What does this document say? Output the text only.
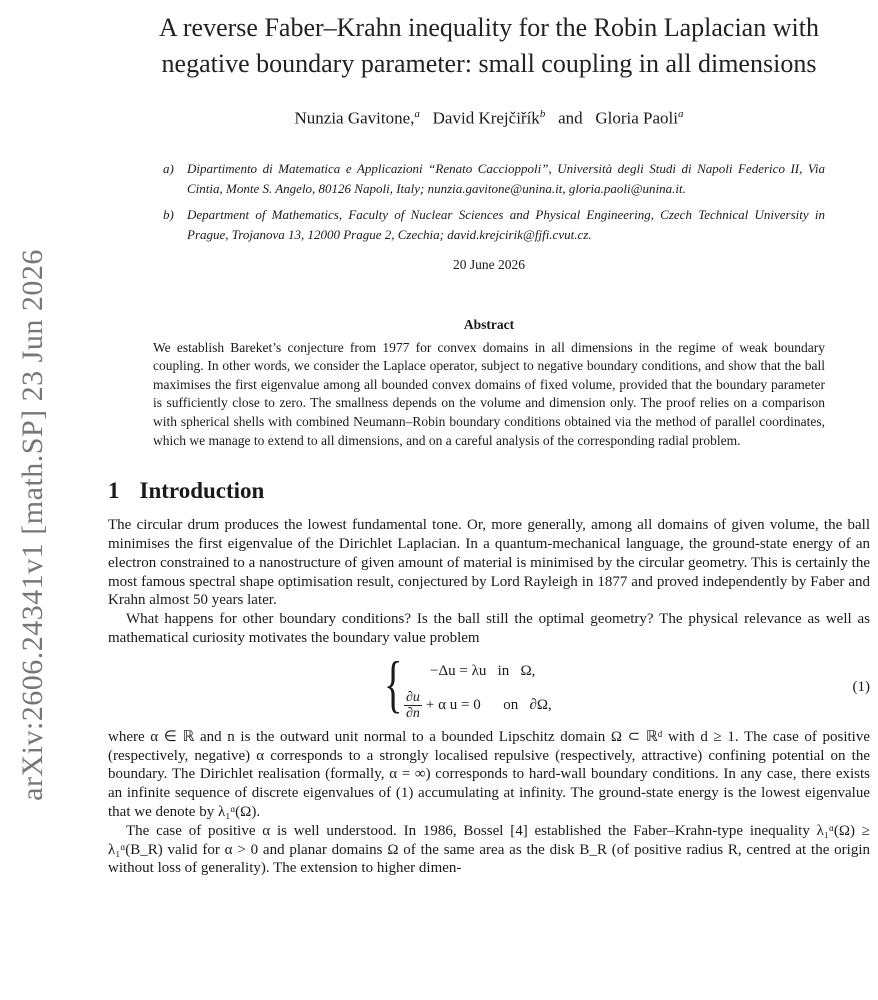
arXiv:2606.24341v1 [math.SP] 23 Jun 2026
A reverse Faber–Krahn inequality for the Robin Laplacian with
negative boundary parameter: small coupling in all dimensions
Nunzia Gavitone,$^a$ David Krejčiřík$^b$ and Gloria Paoli$^a$
a)	Dipartimento di Matematica e Applicazioni “Renato Caccioppoli”, Università degli Studi di Napoli Federico II, Via Cintia, Monte S. Angelo, 80126 Napoli, Italy; nunzia.gavitone@unina.it, gloria.paoli@unina.it.
b)	Department of Mathematics, Faculty of Nuclear Sciences and Physical Engineering, Czech Technical University in Prague, Trojanova 13, 12000 Prague 2, Czechia; david.krejcirik@fjfi.cvut.cz.
20 June 2026
Abstract
We establish Bareket’s conjecture from 1977 for convex domains in all dimensions in the regime of weak boundary coupling. In other words, we consider the Laplace operator, subject to negative boundary conditions, and show that the ball maximises the first eigenvalue among all bounded convex domains of fixed volume, provided that the boundary parameter is sufficiently close to zero. The smallness depends on the volume and dimension only. The proof relies on a comparison with spherical shells with combined Neumann–Robin boundary conditions obtained via the method of parallel coordinates, which we manage to extend to all dimensions, and on a careful analysis of the corresponding radial problem.
1 Introduction

The circular drum produces the lowest fundamental tone. Or, more generally, among all domains of given volume, the ball minimises the first eigenvalue of the Dirichlet Laplacian. In a quantum-mechanical language, the ground-state energy of an electron constrained to a nanostructure of given amount of material is minimised by the circular geometry. This is certainly the most famous spectral shape optimisation result, conjectured by Lord Rayleigh in 1877 and proved independently by Faber and Krahn almost 50 years later.

What happens for other boundary conditions? Is the ball still the optimal geometry? The physical relevance as well as mathematical curiosity motivates the boundary value problem

{ −Δu = λu   in   Ω,
$\frac{\partial u}{\partial n} + \alpha$ u = 0      on   ∂Ω,
(1)

where α ∈ ℝ and n is the outward unit normal to a bounded Lipschitz domain Ω ⊂ ℝᵈ with d ≥ 1. The case of positive (respectively, negative) α corresponds to a strongly localised repulsive (respectively, attractive) confining potential on the boundary. The Dirichlet realisation (formally, α = ∞) corresponds to hard-wall boundary conditions. In any case, there exists an infinite sequence of discrete eigenvalues of (1) accumulating at infinity. The ground-state energy is the lowest eigenvalue that we denote by λ₁ᵅ(Ω).

The case of positive α is well understood. In 1986, Bossel [4] established the Faber–Krahn-type inequality λ₁ᵅ(Ω) ≥ λ₁ᵅ(B_R) valid for α > 0 and planar domains Ω of the same area as the disk B_R (of positive radius R, centred at the origin without loss of generality). The extension to higher dimen-
